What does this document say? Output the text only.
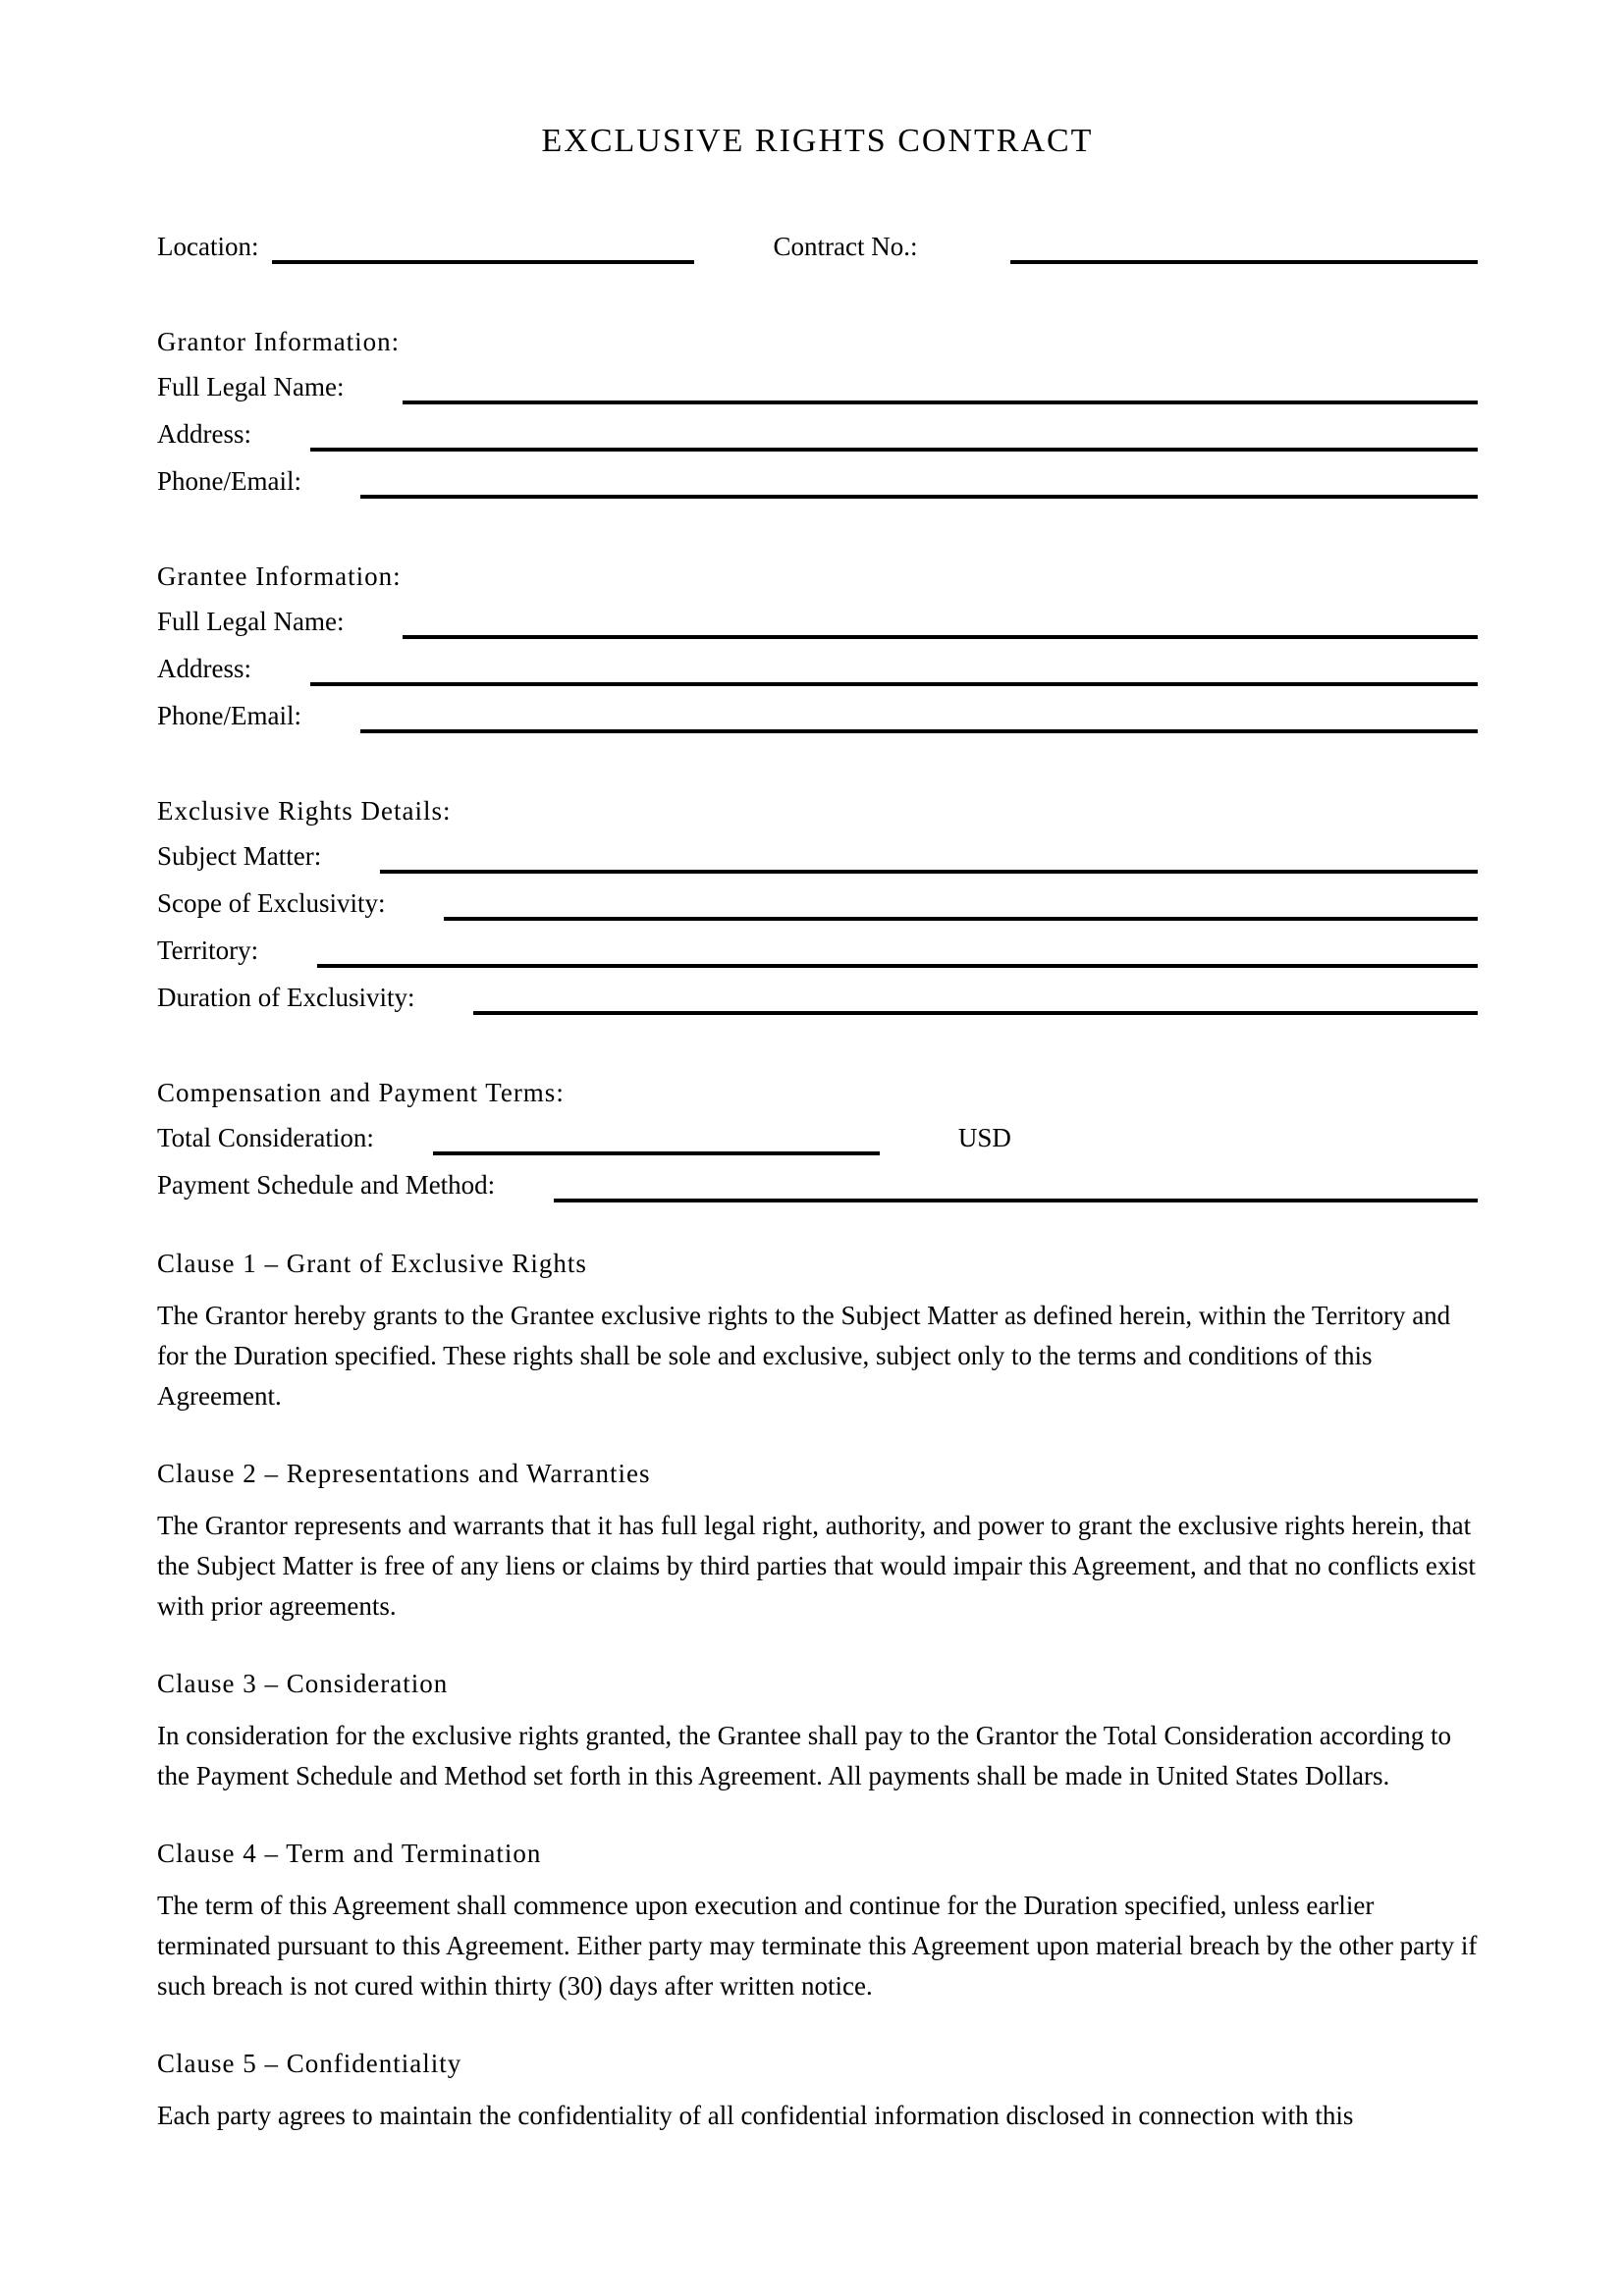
EXCLUSIVE RIGHTS CONTRACT
Location:	Contract No.:
Grantor Information:
Full Legal Name:
Address:
Phone/Email:
Grantee Information:
Full Legal Name:
Address:
Phone/Email:
Exclusive Rights Details:
Subject Matter:
Scope of Exclusivity:
Territory:
Duration of Exclusivity:
Compensation and Payment Terms:
Total Consideration:	USD
Payment Schedule and Method:
Clause 1 – Grant of Exclusive Rights

The Grantor hereby grants to the Grantee exclusive rights to the Subject Matter as defined herein, within the Territory and for the Duration specified. These rights shall be sole and exclusive, subject only to the terms and conditions of this Agreement.

Clause 2 – Representations and Warranties

The Grantor represents and warrants that it has full legal right, authority, and power to grant the exclusive rights herein, that the Subject Matter is free of any liens or claims by third parties that would impair this Agreement, and that no conflicts exist with prior agreements.

Clause 3 – Consideration

In consideration for the exclusive rights granted, the Grantee shall pay to the Grantor the Total Consideration according to the Payment Schedule and Method set forth in this Agreement. All payments shall be made in United States Dollars.

Clause 4 – Term and Termination

The term of this Agreement shall commence upon execution and continue for the Duration specified, unless earlier terminated pursuant to this Agreement. Either party may terminate this Agreement upon material breach by the other party if such breach is not cured within thirty (30) days after written notice.

Clause 5 – Confidentiality

Each party agrees to maintain the confidentiality of all confidential information disclosed in connection with this
